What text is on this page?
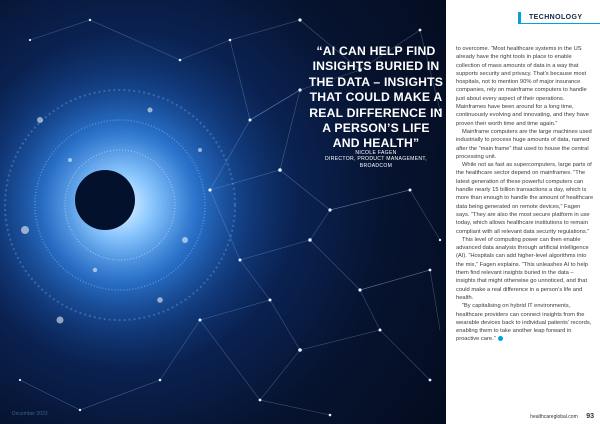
“AI CAN HELP FIND INSIGHTS BURIED IN THE DATA – INSIGHTS THAT COULD MAKE A REAL DIFFERENCE IN A PERSON’S LIFE AND HEALTH”

NICOLE FAGEN
DIRECTOR, PRODUCT MANAGEMENT, BROADCOM
December 2023
TECHNOLOGY

to overcome. “Most healthcare systems in the US already have the right tools in place to enable collection of mass amounts of data in a way that supports security and privacy. That’s because most hospitals, not to mention 90% of major insurance companies, rely on mainframe computers to handle just about every aspect of their operations. Mainframes have been around for a long time, continuously evolving and innovating, and they have proven their worth time and time again.”

Mainframe computers are the large machines used industrially to process huge amounts of data, named after the “main frame” that used to house the central processing unit.

While not as fast as supercomputers, large parts of the healthcare sector depend on mainframes. “The latest generation of these powerful computers can handle nearly 15 billion transactions a day, which is more than enough to handle the amount of healthcare data being generated on remote devices,” Fagen says. “They are also the most secure platform in use today, which allows healthcare institutions to remain compliant with all relevant data security regulations.”

This level of computing power can then enable advanced data analysis through artificial intelligence (AI). “Hospitals can add higher-level algorithms into the mix,” Fagen explains. “This unleashes AI to help them find relevant insights buried in the data – insights that might otherwise go unnoticed, and that could make a real difference in a person’s life and health.

“By capitalising on hybrid IT environments, healthcare providers can connect insights from the wearable devices back to individual patients’ records, enabling them to take another leap forward in proactive care.”

healthcareglobal.com 93
